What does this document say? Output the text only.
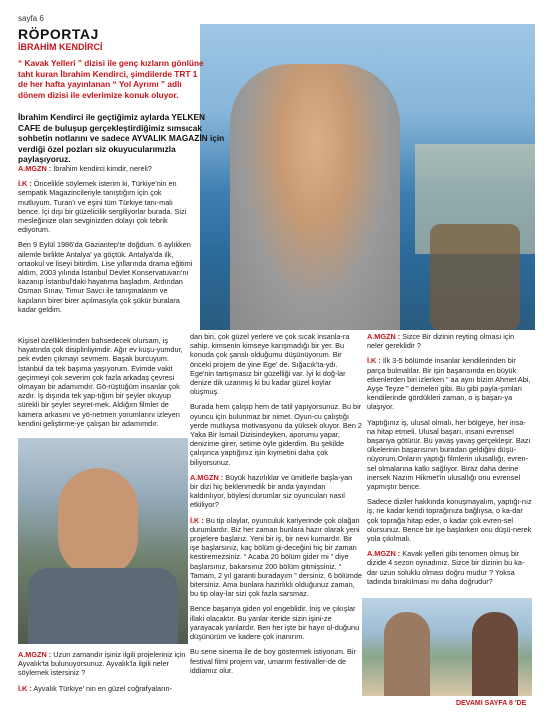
sayfa 6
RÖPORTAJ
İBRAHİM KENDİRCİ
“ Kavak Yelleri ” dizisi ile genç kızların gönlüne taht kuran İbrahim Kendirci, şimdilerde TRT 1 de her hafta yayınlanan “ Yol Ayrımı ” adlı dönem dizisi ile evlerimize konuk oluyor.
İbrahim Kendirci ile geçtiğimiz aylarda YELKEN CAFE de buluşup gerçekleştirdiğimiz sımsıcak sohbetin notlarını ve sadece AYVALIK MAGAZİN için verdiği özel pozları siz okuyucularımızla paylaşıyoruz.

A.MGZN : İbrahim kendirci kimdir, nereli?

İ.K : Öncelikle söylemek isterim ki, Türkiye'nin en sempatik Magazincileriyle tanıştığım için çok mutluyum. Turan'ı ve eşini tüm Türkiye tanı-malı bence. İçi dışı bir güzelicilik sergiliyorlar burada. Sizi mesleğinize olan sevginizden dolayı çok tebrik ediyorum.

Ben 9 Eylül 1986'da Gaziantep'te doğdum. 6 aylıkken ailemle birlikte Antalya' ya göçtük. Antalya'da ilk, ortaokul ve liseyi bitirdim. Lise yıllarında drama eğitimi aldım, 2003 yılında İstanbul Devlet Konservatuvarı'nı kazanıp İstanbul'daki hayatıma başladım. Ardından Osman Sınav, Timur Savcı ile tanışmalarım ve kapıların birer birer açılmasıyla çok şükür buralara kadar geldim.

Kişisel özelliklerimden bahsedecek olursam, iş hayatında çok disiplinliyimdir. Ağır ev kuşu-yumdur, pek evden çıkmayı sevmem. Başak burcuyum. İstanbul da tek başıma yaşıyorum. Evimde vakit geçirmeyi çok severim çok fazla arkadaş çevresi olmayan bir adamımdır. Gö-rüştüğüm insanlar çok azdır. İş dışında tek yap-tığım bir şeyler okuyup sürekli bir şeyler seyret-mek. Aldığım filmler de kamera arkasını ve yö-netmen yorumlarını izleyen kendini geliştirme-ye çalışan bir adamımdır.

A.MGZN : Uzun zamandır işiniz ilgili projeleriniz için Ayvalık'ta bulunuyorsunuz. Ayvalık'la ilgili neler söylemek istersiniz ?

İ.K : Ayvalık Türkiye' nin en güzel coğrafyaların-

dan biri, çok güzel yerlere ve çok sıcak insanla-ra sahip. kimsenin kimseye karışmadığı bir yer. Bu konuda çok şanslı olduğumu düşünüyorum. Bir önceki projem de yine Ege' de. Sığacık'ta-ydı. Ege'nin tartışmasız bir güzelliği var. İyi ki doğ-lar denize dik uzanmış ki bu kadar güzel koylar oluşmuş.

Burada hem çalışıp hem de tatil yapıyorsunuz. Bu bir oyuncu için bulunmaz bir nimet. Oyun-cu çalıştığı yerde mutluysa motivasyonu da yüksek oluyor. Ben 2 Yaka Bir İsmail Dizisindeyken, aporumu yapar, denizime girer, setime öyle giderdim. Bu şekilde çalışınca yaptığınız işin kıymetini daha çok biliyorsunuz.

A.MGZN : Büyük hazırlıklar ve ümitlerle başla-yan bir dizi hiç beklenmedik bir anda yayından kaldırılıyor, böylesi durumlar siz oyuncuları nasıl etkiliyor?

İ.K : Bu tip olaylar, oyunculuk kariyerinde çok olağan durumlardır. Biz her zaman bunlara hazır olarak yeni projelere başlarız. Yeni bir iş, bir nevi kumardır. Bir işe başlarsınız, kaç bölüm gi-deceğini hiç bir zaman kestiremezsiniz. “ Acaba 20 bölüm gider mi ” diye başlarsınız, bakarsınız 200 bölüm gitmişsiniz. “ Tamam, 2 yıl garanti buradayım ” dersiniz, 6 bölümde bitersiniz. Ama bunlara hazırlıklı olduğunuz zaman, bu tip olay-lar sizi çok fazla sarsmaz.

Bence başarıya giden yol engeblidir. İniş ve çıkışlar illaki olacaktır. Bu yanlar iteride sizin işini-ze yarayacak yanlardır. Ben her işte bir hayır ol-duğunu düşünürüm ve kadere çok inanırım.

Bu sene sinema ile de boy göstermek istiyorum. Bir festival filmi projem var, umarım festivaller-de de iddiamız olur.

A.MGZN : Sizce Bir dizinin reyting olması için neler gereklidir ?

İ.K : İlk 3-5 bölümde insanlar kendilerinden bir parça bulmalılar. Bir işin başarısında en büyük etkenlerden biri izlerken “ aa aynı bizim Ahmet Abi, Ayşe Teyze ” demeleri gibi. Bu gibi payla-şımları kendilerinde gördükleri zaman, o iş başarı-ya ulaşıyor.

Yaptığınız iş, ulusal olmalı, her bölgeye, her insa-na hitap etmeli. Ulusal başarı, insani evrensel başarıya götürür. Bu yavaş yavaş gerçekleşir. Bazı ülkelerinin başarısının buradan geldiğini düşü-nüyorum.Onların yaptığı filmlerin ulusallığı, evren-sel olmalarına katkı sağlıyor. Biraz daha derine inersek Nazım Hikmet'in ulusallığı onu evrensel yapmıştır bence.

Sadece diziler hakkında konuşmayalım, yaptığı-nız iş, ne kadar kendi toprağınıza bağlıysa, o ka-dar çok toprağa hitap eder, o kadar çok evren-sel olursunuz. Bence bir işe başlarken onu düşü-nerek yola çıkılmalı.

A.MGZN : Kavak yelleri gibi tenomen olmuş bir dizide 4 sezon oynadınız. Sizce bir dizinin bu ka-dar uzun soluklu olması doğru mudur ? Yoksa tadında bırakılması mı daha doğrudur?

DEVAMI SAYFA 8 'DE
